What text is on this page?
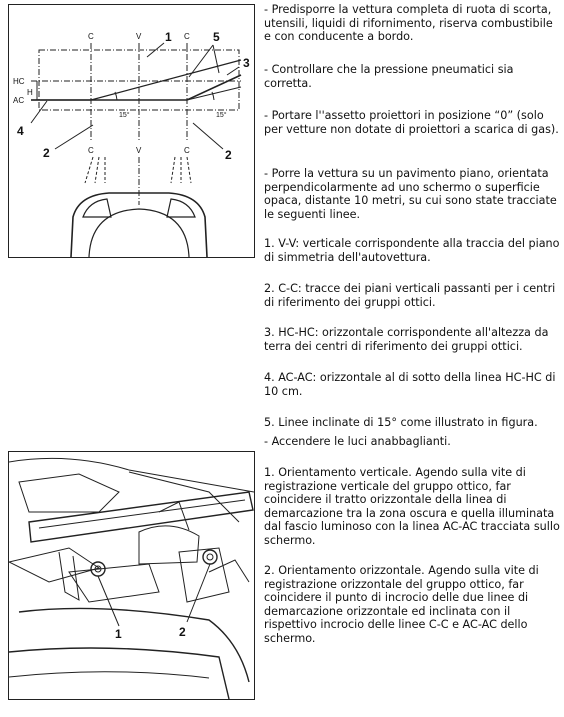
C	V	C
C	V	C
HC
AC
H
15°	15°
1	5
3
4
2	2
1	2

- Predisporre la vettura completa di ruota di scorta, utensili, liquidi di rifornimento, riserva combustibile e con conducente a bordo.

- Controllare che la pressione pneumatici sia corretta.

- Portare l''assetto proiettori in posizione “0” (solo per vetture non dotate di proiettori a scarica di gas).

- Porre la vettura su un pavimento piano, orientata perpendicolarmente ad uno schermo o superficie opaca, distante 10 metri, su cui sono state tracciate le seguenti linee.

1. V-V: verticale corrispondente alla traccia del piano di simmetria dell'autovettura.

2. C-C: tracce dei piani verticali passanti per i centri di riferimento dei gruppi ottici.

3. HC-HC: orizzontale corrispondente all'altezza da terra dei centri di riferimento dei gruppi ottici.

4. AC-AC: orizzontale al di sotto della linea HC-HC di 10 cm.

5. Linee inclinate di 15° come illustrato in figura.

- Accendere le luci anabbaglianti.

1. Orientamento verticale. Agendo sulla vite di registrazione verticale del gruppo ottico, far coincidere il tratto orizzontale della linea di demarcazione tra la zona oscura e quella illuminata dal fascio luminoso con la linea AC-AC tracciata sullo schermo.

2. Orientamento orizzontale. Agendo sulla vite di registrazione orizzontale del gruppo ottico, far coincidere il punto di incrocio delle due linee di demarcazione orizzontale ed inclinata con il rispettivo incrocio delle linee C-C e AC-AC dello schermo.
